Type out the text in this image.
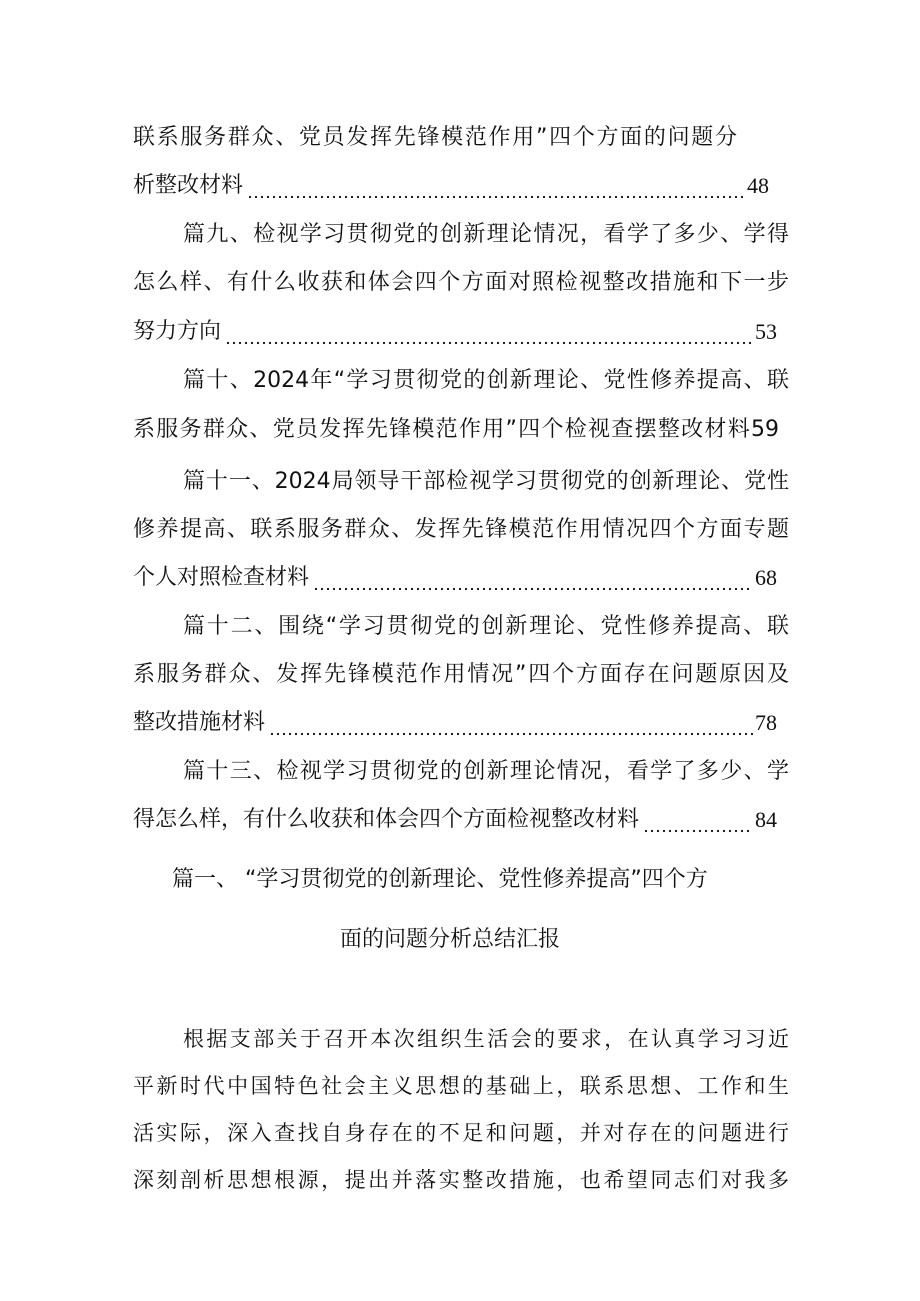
联系服务群众、党员发挥先锋模范作用”四个方面的问题分
析整改材料	48
篇九、检视学习贯彻党的创新理论情况，看学了多少、学得
怎么样、有什么收获和体会四个方面对照检视整改措施和下一步
努力方向	53
篇十、2024年“学习贯彻党的创新理论、党性修养提高、联
系服务群众、党员发挥先锋模范作用”四个检视查摆整改材料59
篇十一、2024局领导干部检视学习贯彻党的创新理论、党性
修养提高、联系服务群众、发挥先锋模范作用情况四个方面专题
个人对照检查材料	68
篇十二、围绕“学习贯彻党的创新理论、党性修养提高、联
系服务群众、发挥先锋模范作用情况”四个方面存在问题原因及
整改措施材料	78
篇十三、检视学习贯彻党的创新理论情况，看学了多少、学
得怎么样，有什么收获和体会四个方面检视整改材料	84
篇一、 “学习贯彻党的创新理论、党性修养提高”四个方
面的问题分析总结汇报
根据支部关于召开本次组织生活会的要求，在认真学习习近
平新时代中国特色社会主义思想的基础上，联系思想、工作和生
活实际，深入查找自身存在的不足和问题，并对存在的问题进行
深刻剖析思想根源，提出并落实整改措施，也希望同志们对我多
